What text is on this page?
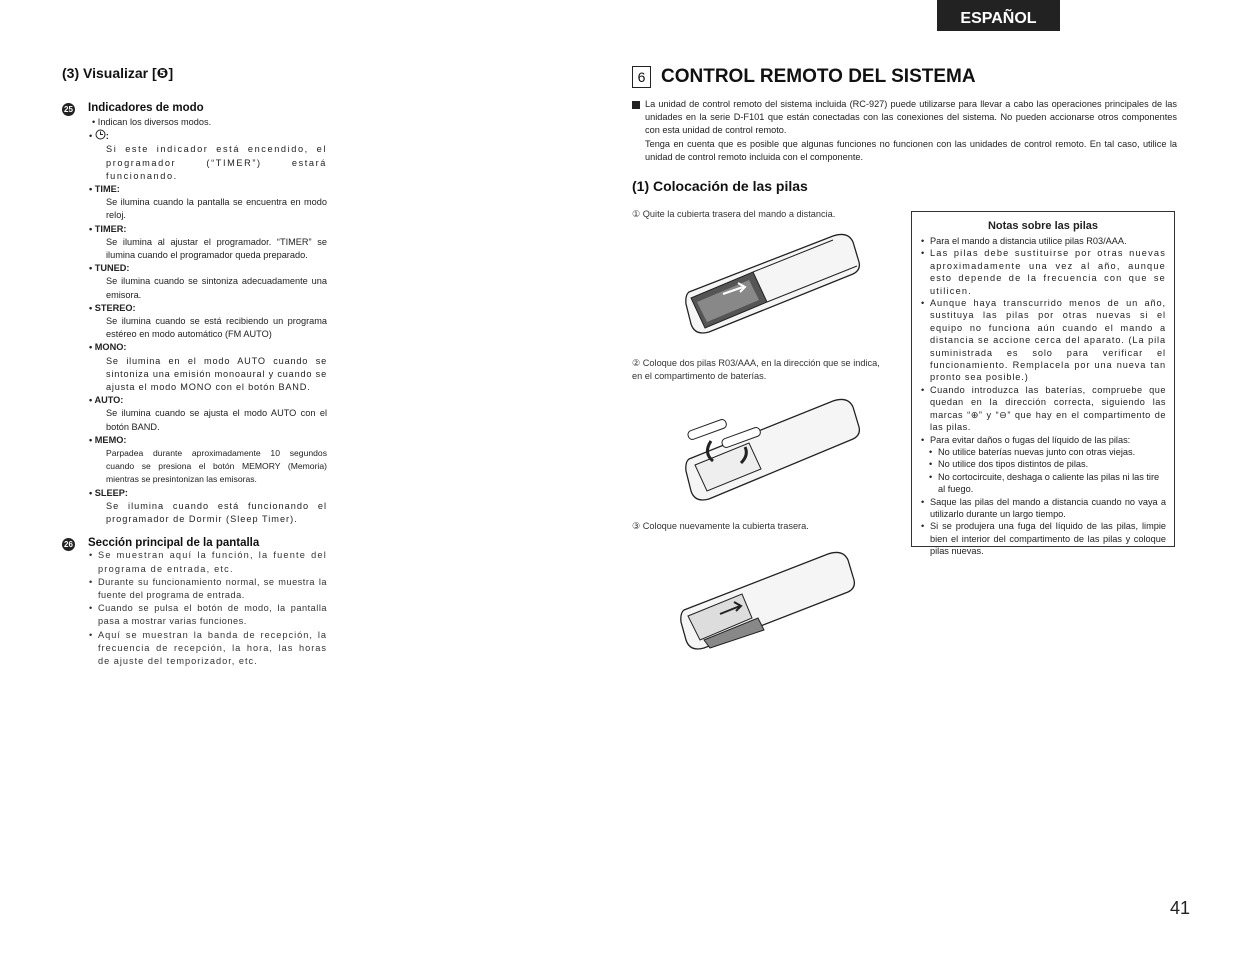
ESPAÑOL
(3) Visualizar [❺]
25 Indicadores de modo
• Indican los diversos modos.
• :
Si este indicador está encendido, el programador (“TIMER”) estará funcionando.
• TIME:
Se ilumina cuando la pantalla se encuentra en modo reloj.
• TIMER:
Se ilumina al ajustar el programador. “TIMER” se ilumina cuando el programador queda preparado.
• TUNED:
Se ilumina cuando se sintoniza adecuadamente una emisora.
• STEREO:
Se ilumina cuando se está recibiendo un programa estéreo en modo automático (FM AUTO)
• MONO:
Se ilumina en el modo AUTO cuando se sintoniza una emisión monoaural y cuando se ajusta el modo MONO con el botón BAND.
• AUTO:
Se ilumina cuando se ajusta el modo AUTO con el botón BAND.
• MEMO:
Parpadea durante aproximadamente 10 segundos cuando se presiona el botón MEMORY (Memoria) mientras se presintonizan las emisoras.
• SLEEP:
Se ilumina cuando está funcionando el programador de Dormir (Sleep Timer).
26 Sección principal de la pantalla
• Se muestran aquí la función, la fuente del programa de entrada, etc.
• Durante su funcionamiento normal, se muestra la fuente del programa de entrada.
• Cuando se pulsa el botón de modo, la pantalla pasa a mostrar varias funciones.
• Aquí se muestran la banda de recepción, la frecuencia de recepción, la hora, las horas de ajuste del temporizador, etc.
6 CONTROL REMOTO DEL SISTEMA
La unidad de control remoto del sistema incluida (RC-927) puede utilizarse para llevar a cabo las operaciones principales de las unidades en la serie D-F101 que están conectadas con las conexiones del sistema. No pueden accionarse otros componentes con esta unidad de control remoto.
Tenga en cuenta que es posible que algunas funciones no funcionen con las unidades de control remoto. En tal caso, utilice la unidad de control remoto incluida con el componente.
(1) Colocación de las pilas
① Quite la cubierta trasera del mando a distancia.
② Coloque dos pilas R03/AAA, en la dirección que se indica, en el compartimento de baterías.
③ Coloque nuevamente la cubierta trasera.
Notas sobre las pilas
• Para el mando a distancia utilice pilas R03/AAA.
• Las pilas debe sustituirse por otras nuevas aproximadamente una vez al año, aunque esto depende de la frecuencia con que se utilicen.
• Aunque haya transcurrido menos de un año, sustituya las pilas por otras nuevas si el equipo no funciona aún cuando el mando a distancia se accione cerca del aparato. (La pila suministrada es solo para verificar el funcionamiento. Remplacela por una nueva tan pronto sea posible.)
• Cuando introduzca las baterías, compruebe que quedan en la dirección correcta, siguiendo las marcas “⊕” y “⊖” que hay en el compartimento de las pilas.
• Para evitar daños o fugas del líquido de las pilas:
• No utilice baterías nuevas junto con otras viejas.
• No utilice dos tipos distintos de pilas.
• No cortocircuite, deshaga o caliente las pilas ni las tire al fuego.
• Saque las pilas del mando a distancia cuando no vaya a utilizarlo durante un largo tiempo.
• Si se produjera una fuga del líquido de las pilas, limpie bien el interior del compartimento de las pilas y coloque pilas nuevas.
41
